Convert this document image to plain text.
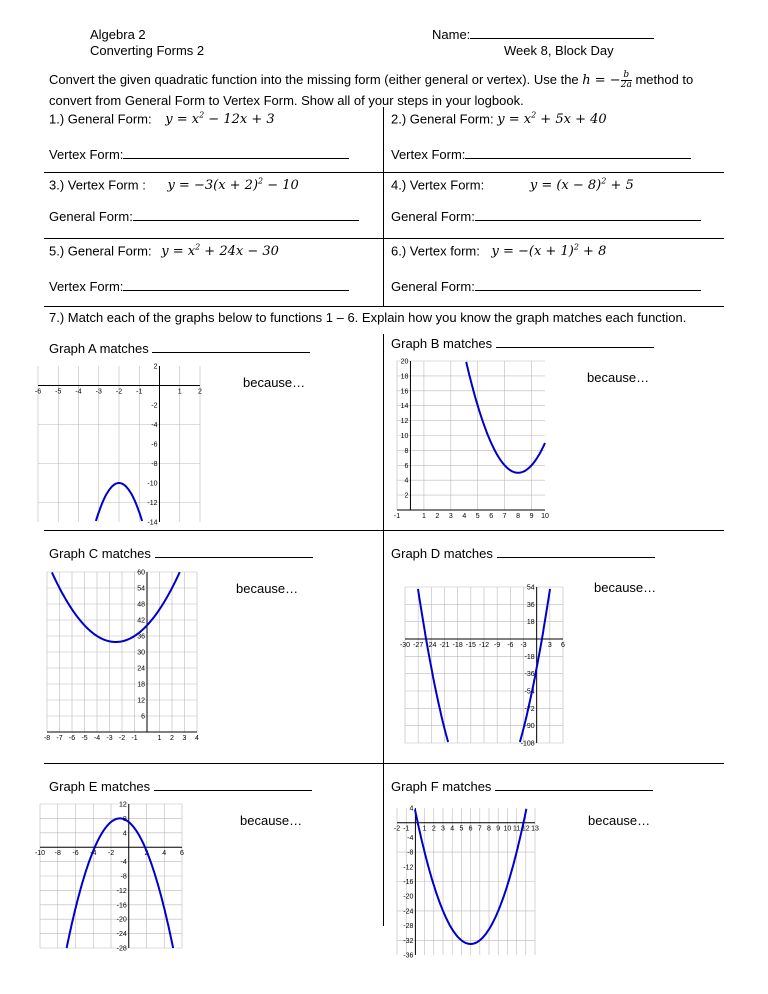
Algebra 2
Converting Forms 2
Name:
Week 8, Block Day
Convert the given quadratic function into the missing form (either general or vertex). Use the h = − $\frac{b}{2a}$ method to
convert from General Form to Vertex Form. Show all of your steps in your logbook.
1.) General Form: $y = x^2 - 12x + 3$
Vertex Form:
2.) General Form: $y = x^2 + 5x + 40$
Vertex Form:
3.) Vertex Form : $y = -3(x + 2)^2 - 10$
General Form:
4.) Vertex Form:	$y = (x - 8)^2 + 5$
General Form:
5.) General Form: $y = x^2 + 24x - 30$
Vertex Form:
6.) Vertex form: $y = -(x + 1)^2 + 8$
General Form:
7.) Match each of the graphs below to functions 1 – 6. Explain how you know the graph matches each function.
Graph A matches	Graph B matches
Graph C matches	Graph D matches
Graph E matches	Graph F matches
because…	because…
because…	because…
because…	because…
-6 -5 -4 -3 -2 -1	1 2
2
-2
-4
-6
-8
-10
-12
-14
-1	1 2 3 4 5 6 7 8 9 10
20
18
16
14
12
10
8
6
4
2
-8 -7 -6 -5 -4 -3 -2 -1	1 2 3 4
60
54
48
42
36
30
24
18
12
6
-30 -27 -24 -21 -18 -15 -12 -9 -6 -3	3 6
54
36
18
-18
-36
-54
-72
-90
-108
-10 -8 -6 -4 -2	2 4 6
12
8
4
-4
-8
-12
-16
-20
-24
-28
-2 -1 1 2 3 4 5 6 7 8 9 10 11 12 13
4
-4
-8
-12
-16
-20
-24
-28
-32
-36
